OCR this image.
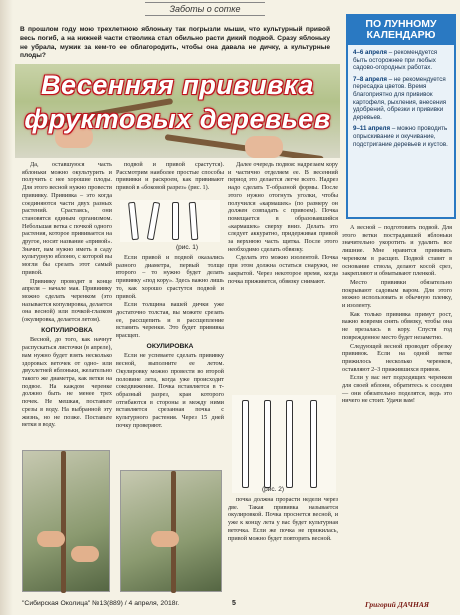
Заботы о сотке
В прошлом году мою трехлетнюю яблоньку так погрызли мыши, что культурный привой весь погиб, а на нижней части стволика стал обильно расти дикий подвой. Сразу яблоньку не убрала, мужик за кем-то ее облагородить, чтобы она давала не дичку, а культурные плоды?
Весенняя прививка
фруктовых деревьев
ПО ЛУННОМУ КАЛЕНДАРЮ

4–6 апреля – рекомендуется быть осторожнее при любых садово-огородных работах.

7–8 апреля – не рекомендуется пересадка цветов. Время благоприятно для прививок картофеля, рыхления, внесения удобрений, обрезки и прививки деревьев.

9–11 апреля – можно проводить опрыскивание и окучивание, подстригание деревьев и кустов.

Да, оставшуюся часть яблоньки можно окультурить и получить с нее хорошие плоды. Для этого весной нужно провести прививку. Прививка – это когда соединяются части двух разных растений. Срастаясь, они становятся единым организмом. Небольшая ветка с почкой одного растения, которое прививается на другое, носит название «привой». Значит, вам нужно иметь в саду культурную яблоню, с которой вы могли бы срезать этот самый привой.

Прививку проводят в конце апреля – начале мая. Привиивку можно сделать черенком (это называется копулировка, делается она весной) или почкой-глазком (окулировка, делается летом).

КОПУЛИРОВКА

Весной, до того, как начнут распускаться листочки (в апреле), вам нужно будет взять несколько здоровых веточек от одно- или двухлетней яблоньки, желательно такого же диаметра, как ветки на подвое. На каждом черенке должно быть не менее трех почек. Не мешкая, поставьте срезы в воду. На выбранной эту жизнь, но не позже. Поставьте ветки в воду.

подвой и привой срастутся). Рассмотрим наиболее простые способы прививки и раскроем, как прививают привой в «боковой разрез» (рис. 1).

(рис. 1)

Если привой и подвой оказались разного диаметра, первый толще второго – то нужно будет делать прививку «под кору». Здесь важно лишь то, как хорошо срастутся подвой и привой.

Если толщина вашей дички уже достаточно толстая, вы можете срезать ее, рассщепить и в рассщепление вставить черенки. Это будет прививка врасщеп.

ОКУЛИРОВКА

Если не успеваете сделать прививку весной, выполните ее летом. Окулировку можно провести во второй половине лета, когда уже происходит сокодвижение. Почка вставляется в т-образный разрез, края которого отгибаются в стороны и между ними вставляется срезанная почка с культурного растения. Через 15 дней почку проверяют.

Далее очередь подвоя: надрезаем кору и частично отделяем ее. В весенний период это делается легче всего. Надрез надо сделать Т-образной формы. После этого нужно отогнуть уголки, чтобы получился «кармашек» (по размеру он должен совпадать с привоем). Почка помещается в образовавшийся «кармашек» сверху вниз. Делать это следует аккуратно, придерживая привой за верхнюю часть щитка. После этого необходимо сделать обвязку.

Сделать это можно изолентой. Почка при этом должна остаться снаружи, не закрытой. Через некоторое время, когда почка приживется, обвязку снимают.

(рис. 2)

почка должна прорасти недели через две. Такая прививка называется окулировкой. Почка проснется весной, и уже к концу лета у вас будет культурная веточка. Если же почка не прижилась, привой можно будет повторить весной.

А весной – подготовить подвой. Для этого ветки пострадавшей яблоньки значительно укоротить и удалить все лишние. Мне нравится прививать черенком в расщеп. Подвой ставят в основание ствола, делают косой срез, закрепляют и обматывают пленкой.

Место прививки обязательно покрывают садовым варом. Для этого можно использовать и обычную пленку, и изоленту.

Как только прививка примут рост, важно вовремя снять обвязку, чтобы она не врезалась в кору. Спустя год поврежденное место будет незаметно.

Следующей весной проводят обрезку прививок. Если на одной ветке прижилось несколько черенков, оставляют 2–3 прижившихся привоя.

Если у вас нет подходящих черенков для своей яблони, обратитесь к соседям — они обязательно поделятся, ведь это ничего не стоит. Удачи вам!

"Сибирская Околица" №13(889) / 4 апреля, 2018г.	5	Григорий ДАЧНАЯ
